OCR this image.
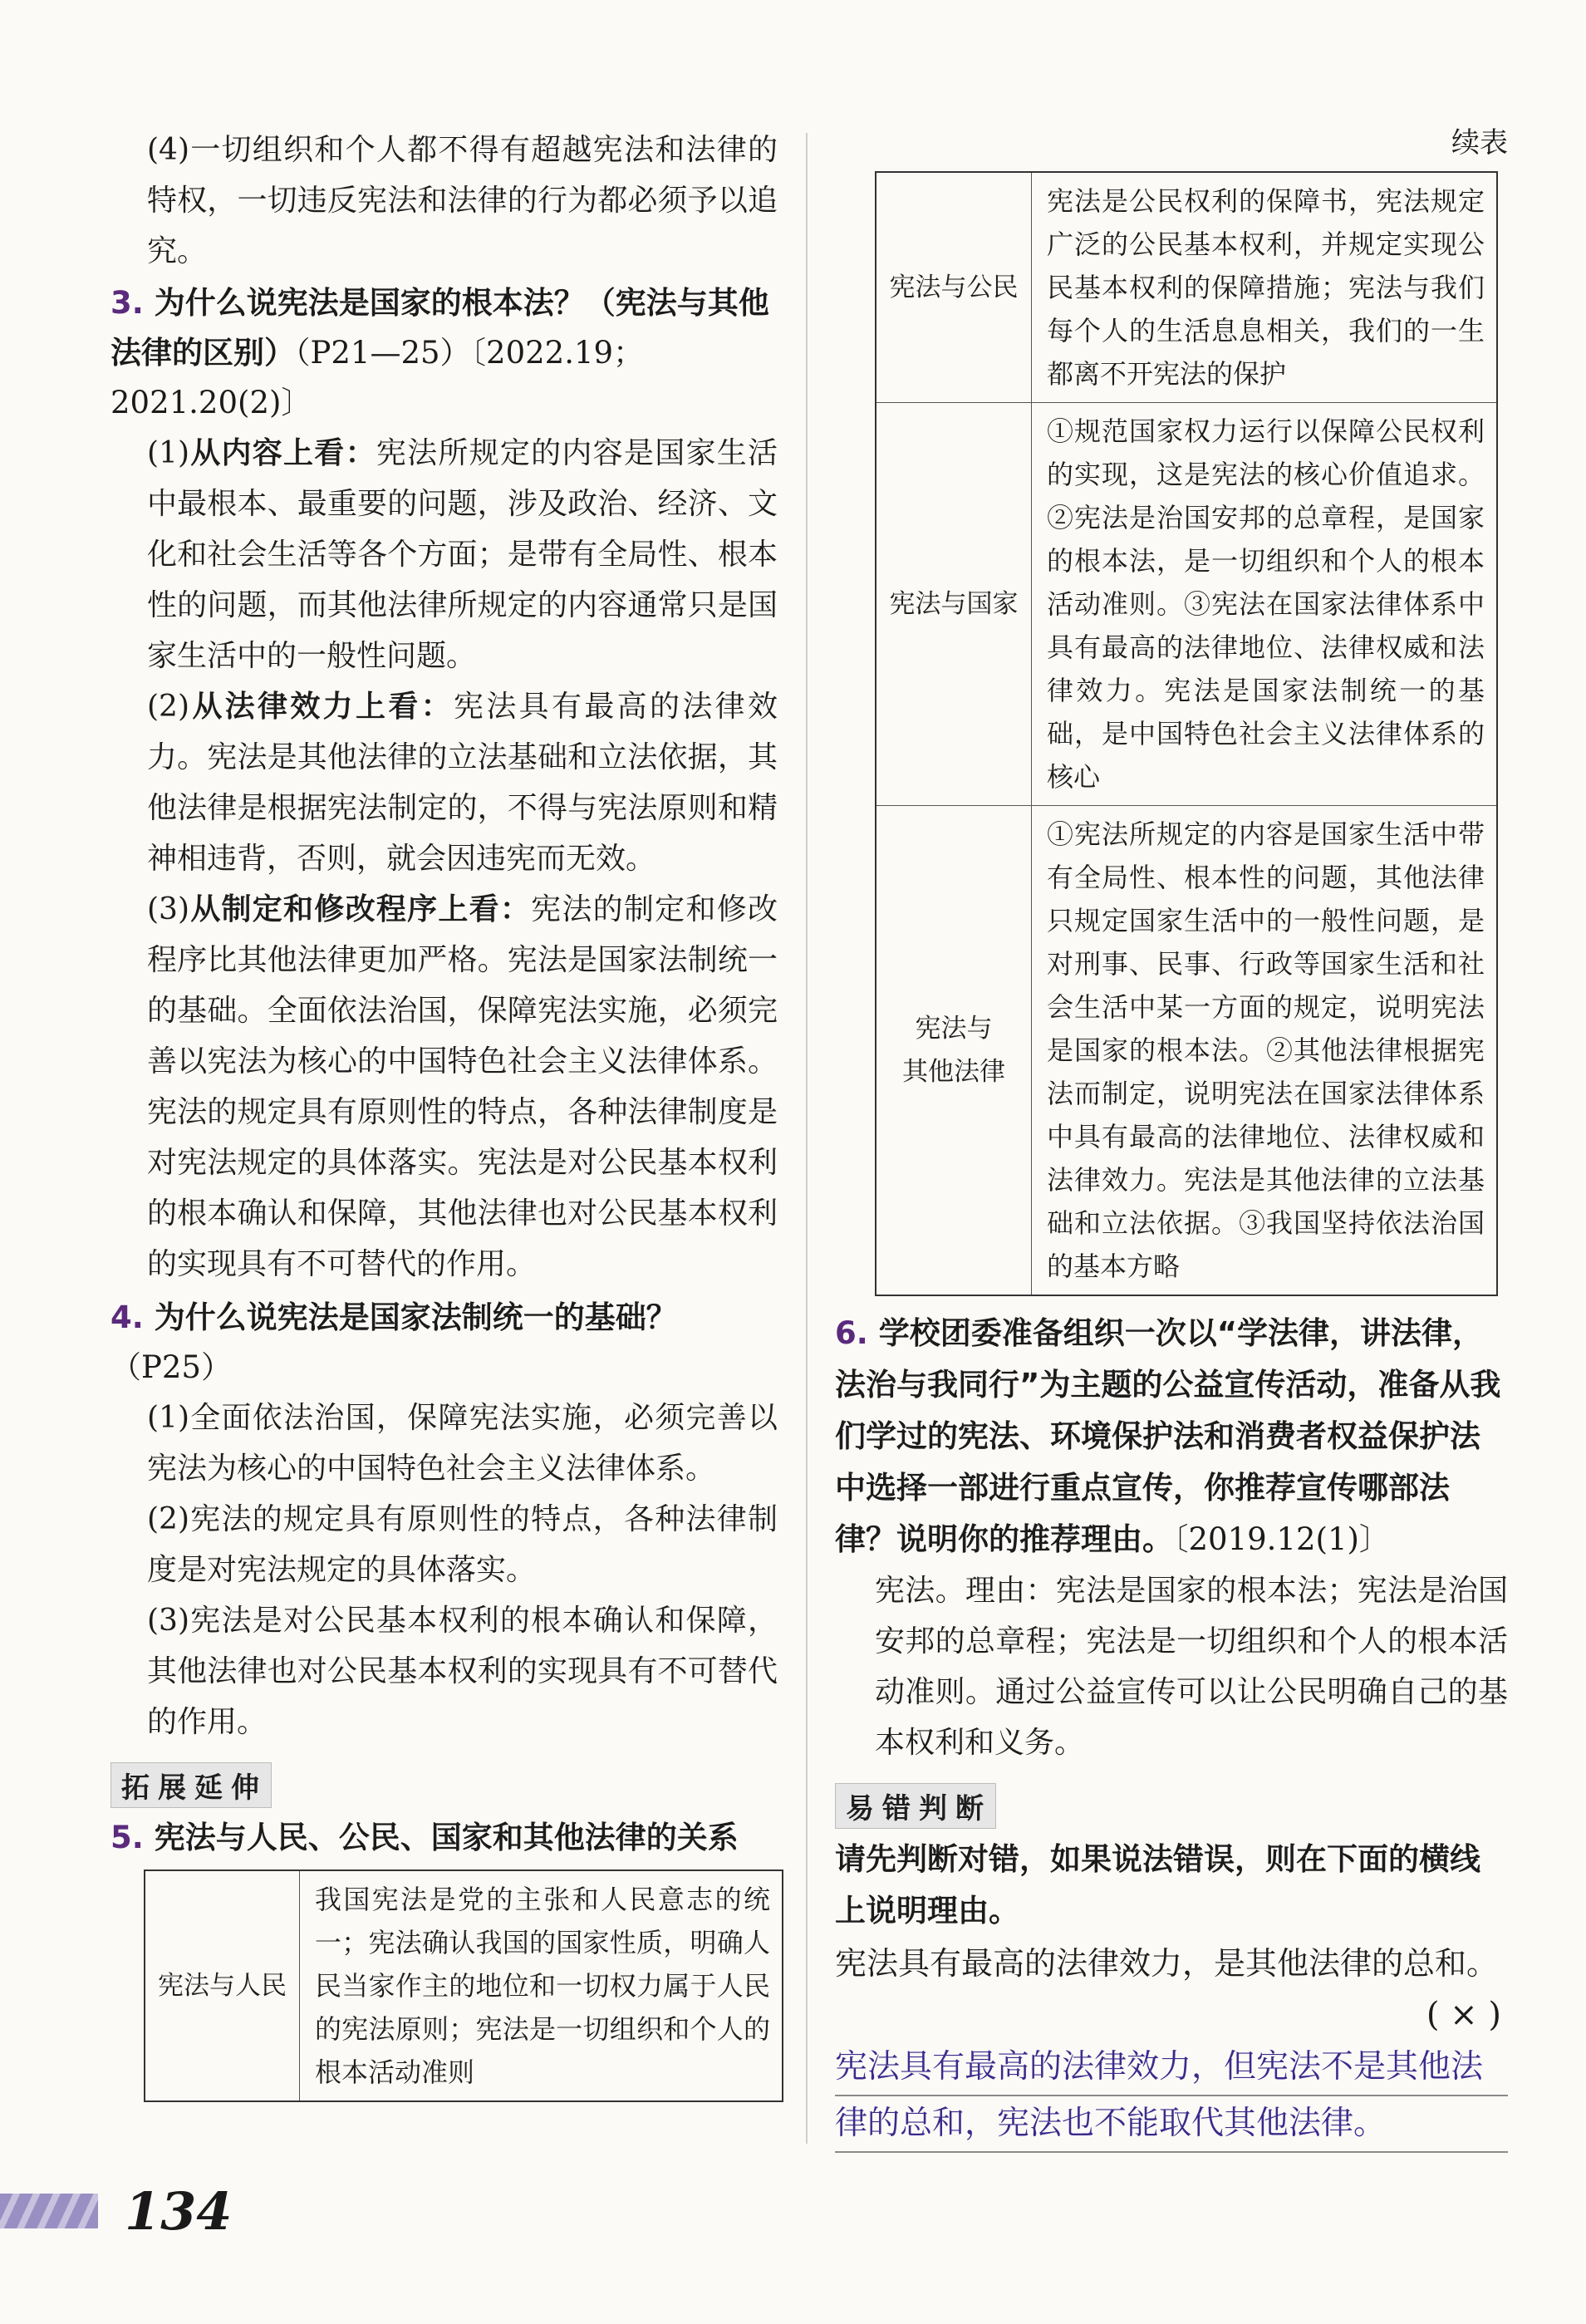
(4)一切组织和个人都不得有超越宪法和法律的特权，一切违反宪法和法律的行为都必须予以追究。

3. 为什么说宪法是国家的根本法？（宪法与其他法律的区别）（P21—25）〔2022.19；2021.20(2)〕

(1)从内容上看：宪法所规定的内容是国家生活中最根本、最重要的问题，涉及政治、经济、文化和社会生活等各个方面；是带有全局性、根本性的问题，而其他法律所规定的内容通常只是国家生活中的一般性问题。

(2)从法律效力上看：宪法具有最高的法律效力。宪法是其他法律的立法基础和立法依据，其他法律是根据宪法制定的，不得与宪法原则和精神相违背，否则，就会因违宪而无效。

(3)从制定和修改程序上看：宪法的制定和修改程序比其他法律更加严格。宪法是国家法制统一的基础。全面依法治国，保障宪法实施，必须完善以宪法为核心的中国特色社会主义法律体系。宪法的规定具有原则性的特点，各种法律制度是对宪法规定的具体落实。宪法是对公民基本权利的根本确认和保障，其他法律也对公民基本权利的实现具有不可替代的作用。

4. 为什么说宪法是国家法制统一的基础？（P25）

(1)全面依法治国，保障宪法实施，必须完善以宪法为核心的中国特色社会主义法律体系。

(2)宪法的规定具有原则性的特点，各种法律制度是对宪法规定的具体落实。

(3)宪法是对公民基本权利的根本确认和保障，其他法律也对公民基本权利的实现具有不可替代的作用。

拓展延伸

5. 宪法与人民、公民、国家和其他法律的关系

宪法与人民	我国宪法是党的主张和人民意志的统一；宪法确认我国的国家性质，明确人民当家作主的地位和一切权力属于人民的宪法原则；宪法是一切组织和个人的根本活动准则
续表
宪法与公民	宪法是公民权利的保障书，宪法规定广泛的公民基本权利，并规定实现公民基本权利的保障措施；宪法与我们每个人的生活息息相关，我们的一生都离不开宪法的保护
宪法与国家	①规范国家权力运行以保障公民权利的实现，这是宪法的核心价值追求。②宪法是治国安邦的总章程，是国家的根本法，是一切组织和个人的根本活动准则。③宪法在国家法律体系中具有最高的法律地位、法律权威和法律效力。宪法是国家法制统一的基础，是中国特色社会主义法律体系的核心
宪法与
其他法律	①宪法所规定的内容是国家生活中带有全局性、根本性的问题，其他法律只规定国家生活中的一般性问题，是对刑事、民事、行政等国家生活和社会生活中某一方面的规定，说明宪法是国家的根本法。②其他法律根据宪法而制定，说明宪法在国家法律体系中具有最高的法律地位、法律权威和法律效力。宪法是其他法律的立法基础和立法依据。③我国坚持依法治国的基本方略

6. 学校团委准备组织一次以“学法律，讲法律，法治与我同行”为主题的公益宣传活动，准备从我们学过的宪法、环境保护法和消费者权益保护法中选择一部进行重点宣传，你推荐宣传哪部法律？说明你的推荐理由。〔2019.12(1)〕

宪法。理由：宪法是国家的根本法；宪法是治国安邦的总章程；宪法是一切组织和个人的根本活动准则。通过公益宣传可以让公民明确自己的基本权利和义务。

易错判断

请先判断对错，如果说法错误，则在下面的横线上说明理由。

宪法具有最高的法律效力，是其他法律的总和。

( × )
宪法具有最高的法律效力，但宪法不是其他法
律的总和，宪法也不能取代其他法律。
134
